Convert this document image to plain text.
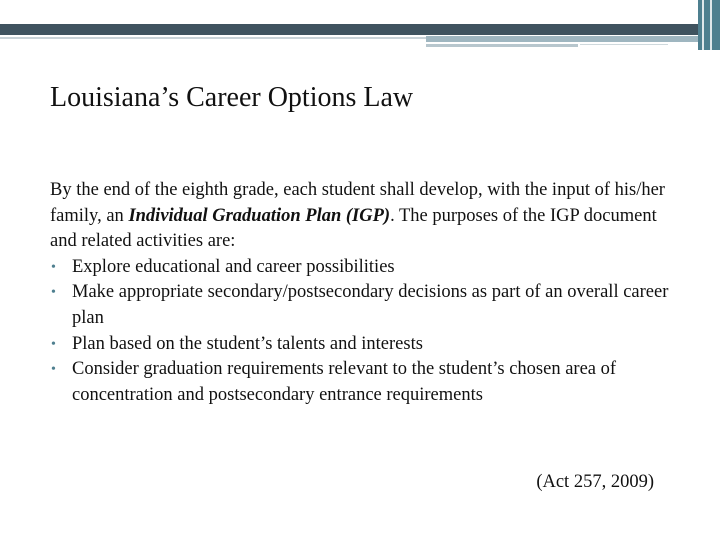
Louisiana’s Career Options Law

By the end of the eighth grade, each student shall develop, with the input of his/her family, an Individual Graduation Plan (IGP). The purposes of the IGP document and related activities are:

• Explore educational and career possibilities
• Make appropriate secondary/postsecondary decisions as part of an overall career plan
• Plan based on the student’s talents and interests
• Consider graduation requirements relevant to the student’s chosen area of concentration and postsecondary entrance requirements

(Act 257, 2009)
